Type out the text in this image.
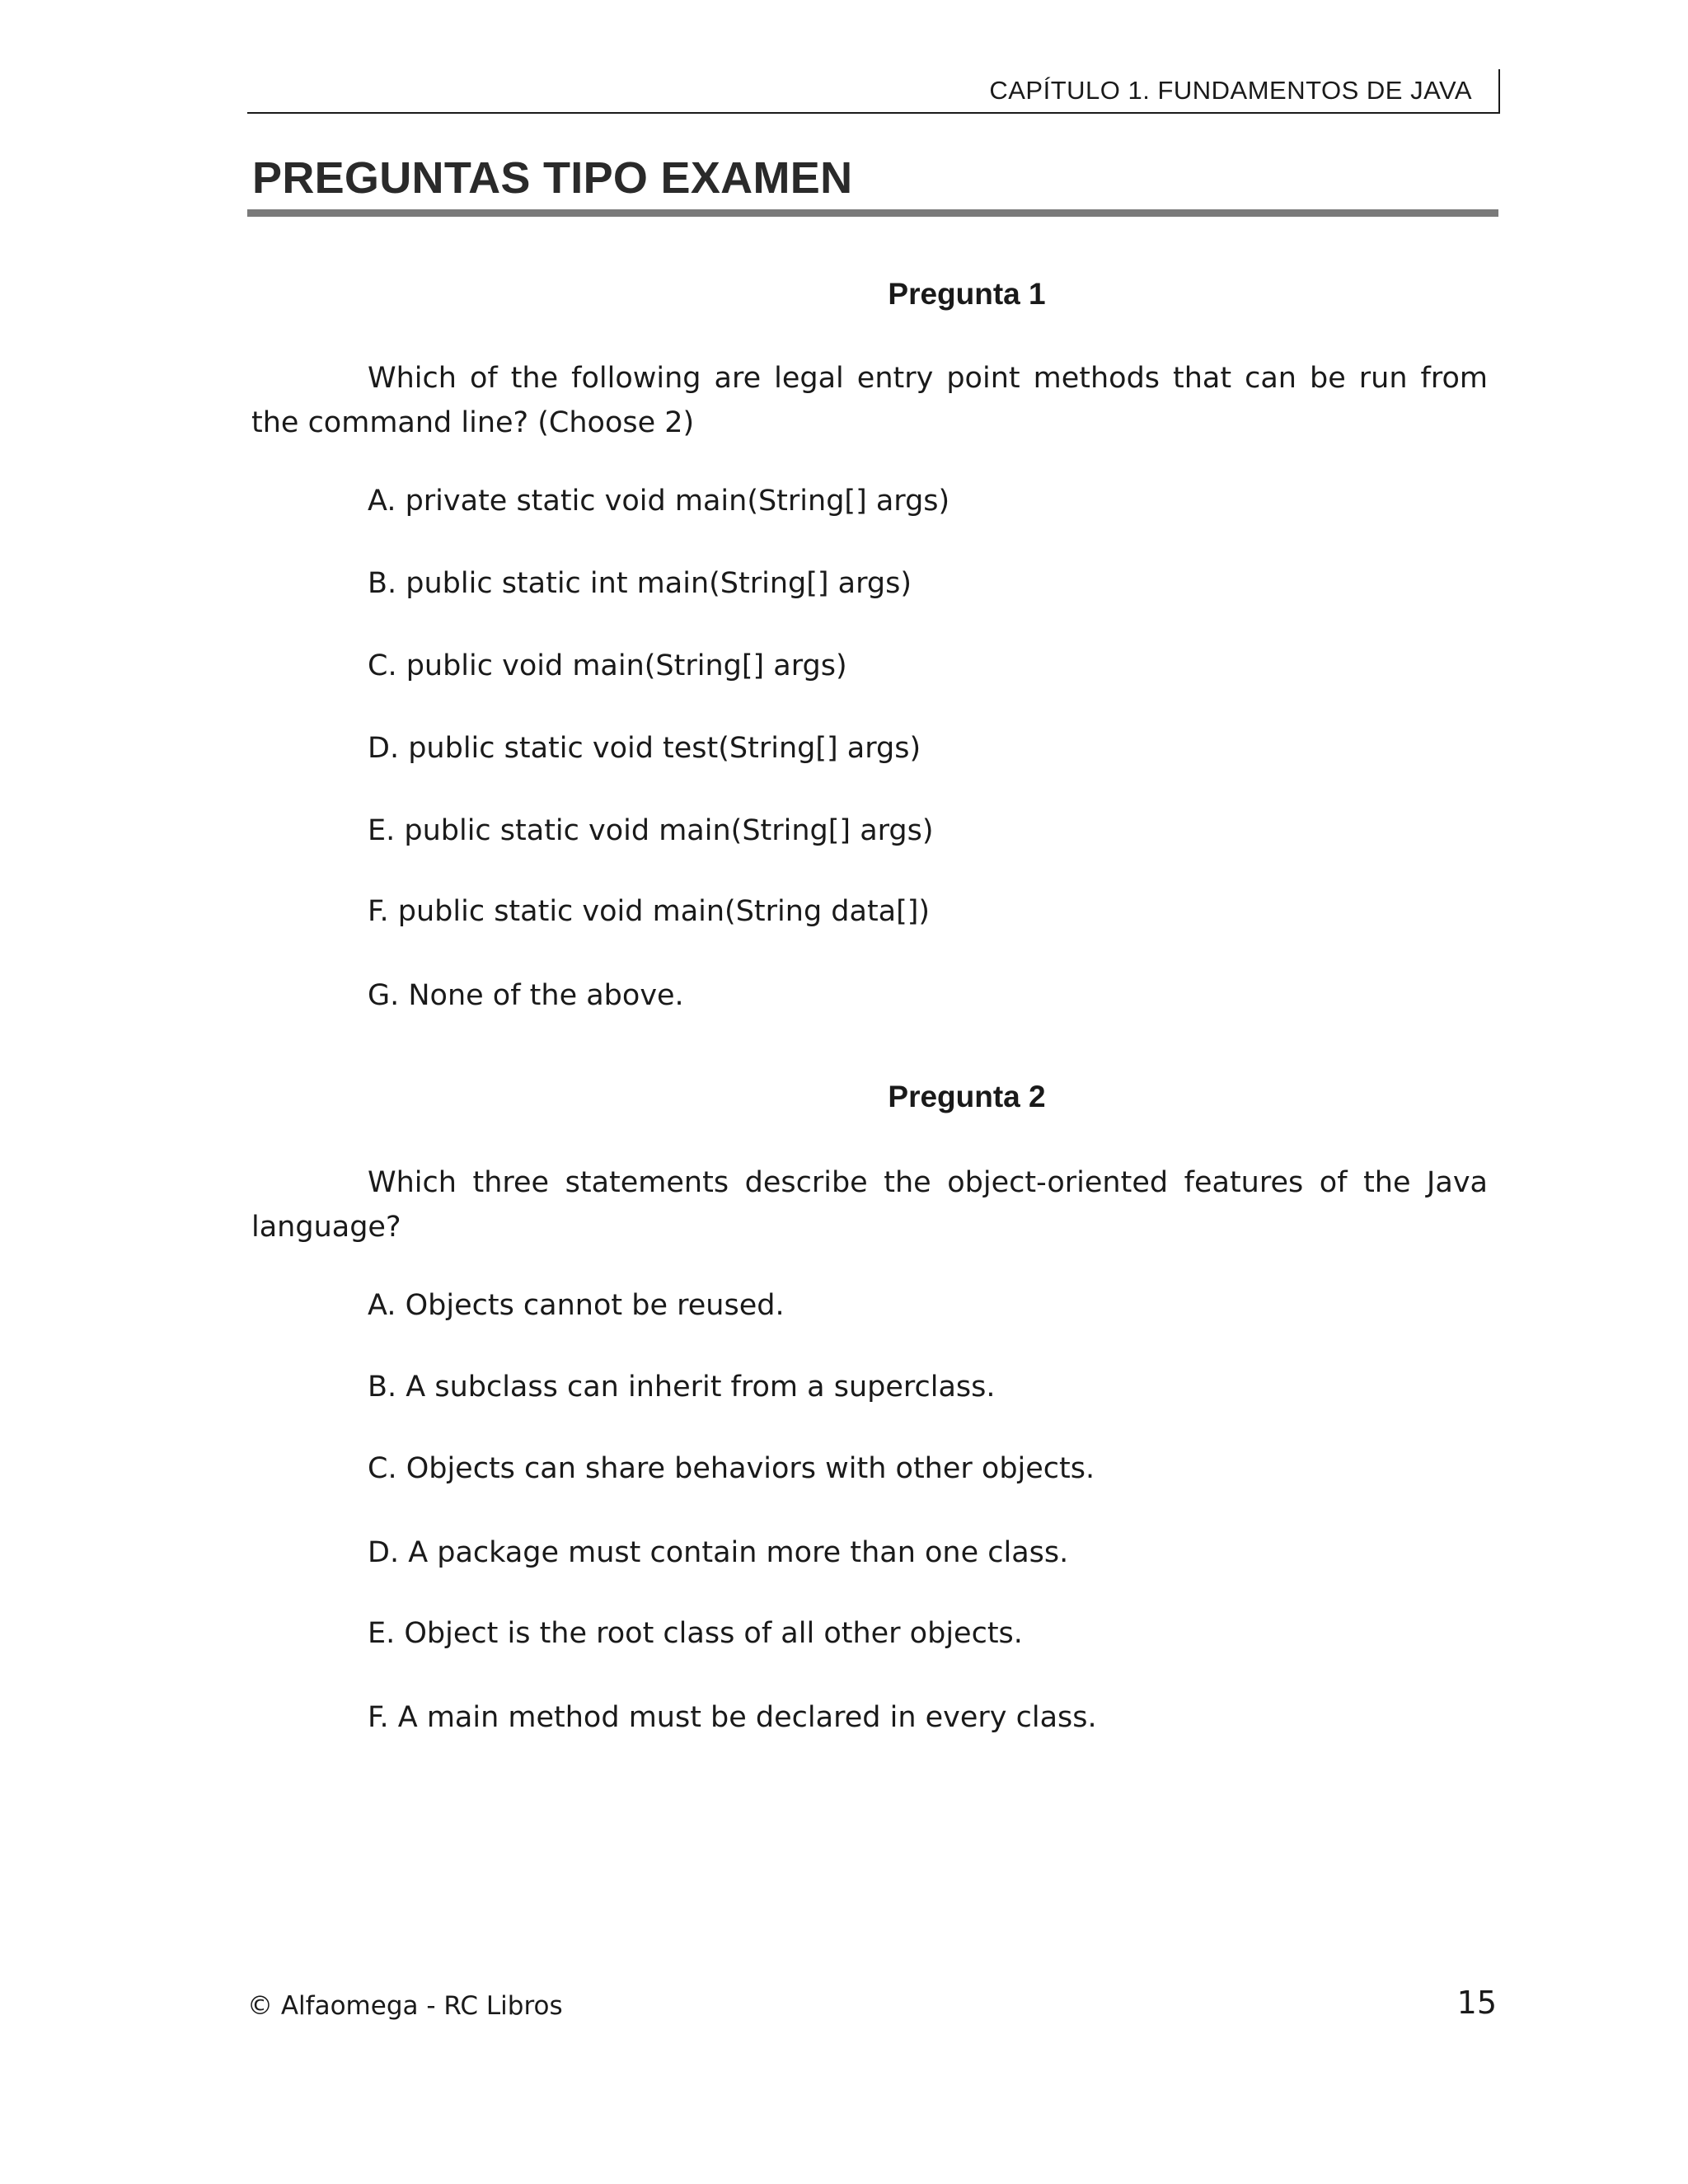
CAPÍTULO 1. FUNDAMENTOS DE JAVA
PREGUNTAS TIPO EXAMEN
Pregunta 1
Which of the following are legal entry point methods that can be run from the command line? (Choose 2)
A. private static void main(String[] args)
B. public static int main(String[] args)
C. public void main(String[] args)
D. public static void test(String[] args)
E. public static void main(String[] args)
F. public static void main(String data[])
G. None of the above.
Pregunta 2
Which three statements describe the object-oriented features of the Java language?
A. Objects cannot be reused.
B. A subclass can inherit from a superclass.
C. Objects can share behaviors with other objects.
D. A package must contain more than one class.
E. Object is the root class of all other objects.
F. A main method must be declared in every class.
© Alfaomega - RC Libros	15
